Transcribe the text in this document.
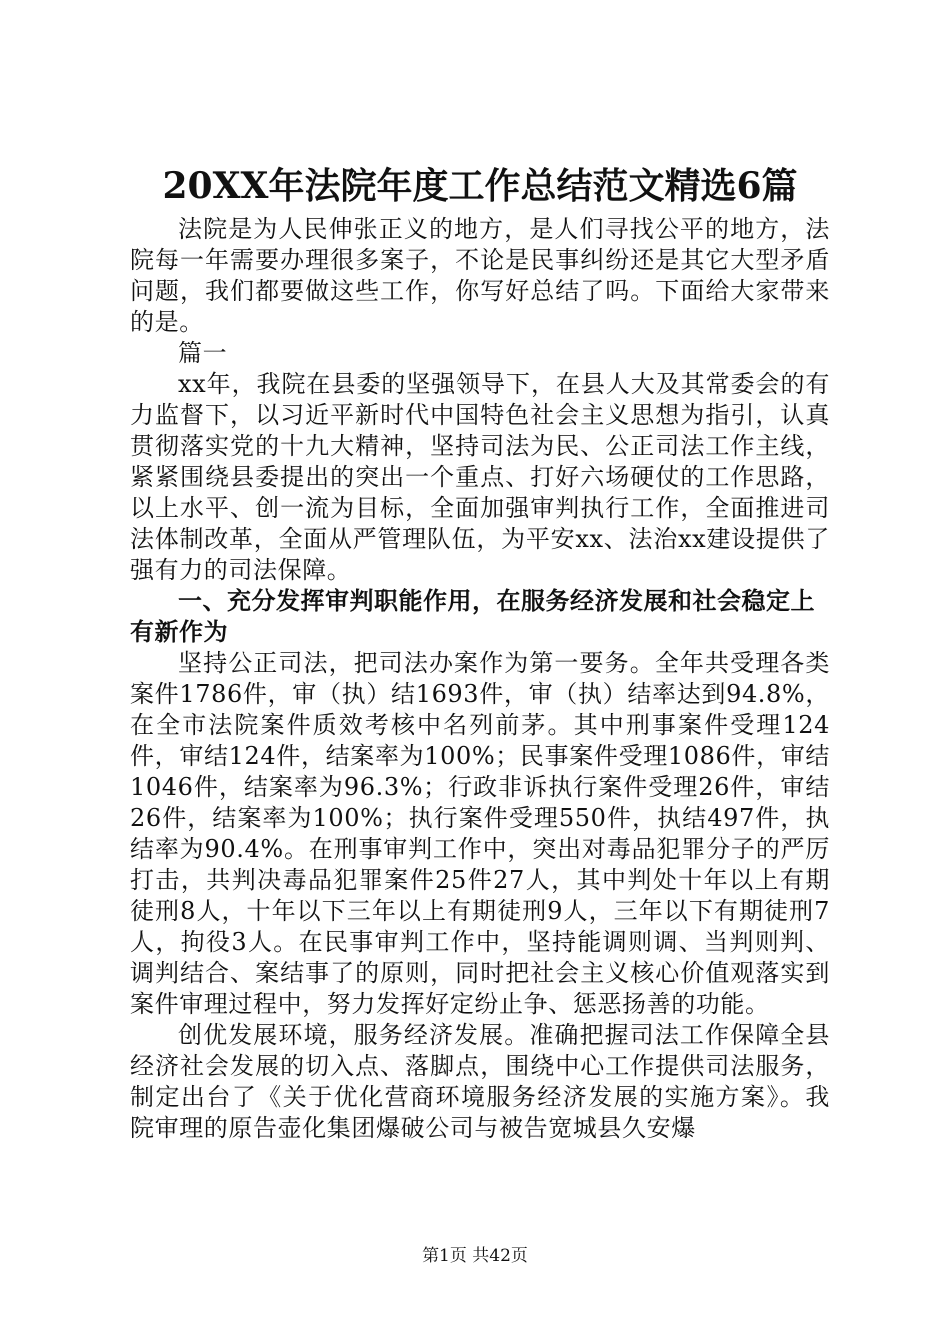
20XX年法院年度工作总结范文精选6篇

法院是为人民伸张正义的地方，是人们寻找公平的地方，法院每一年需要办理很多案子，不论是民事纠纷还是其它大型矛盾问题，我们都要做这些工作，你写好总结了吗。下面给大家带来的是。

篇一

xx年，我院在县委的坚强领导下，在县人大及其常委会的有力监督下，以习近平新时代中国特色社会主义思想为指引，认真贯彻落实党的十九大精神，坚持司法为民、公正司法工作主线，紧紧围绕县委提出的突出一个重点、打好六场硬仗的工作思路，以上水平、创一流为目标，全面加强审判执行工作，全面推进司法体制改革，全面从严管理队伍，为平安xx、法治xx建设提供了强有力的司法保障。

一、充分发挥审判职能作用，在服务经济发展和社会稳定上有新作为

坚持公正司法，把司法办案作为第一要务。全年共受理各类案件1786件，审（执）结1693件，审（执）结率达到94.8%，在全市法院案件质效考核中名列前茅。其中刑事案件受理124件，审结124件，结案率为100%；民事案件受理1086件，审结1046件，结案率为96.3%；行政非诉执行案件受理26件，审结26件，结案率为100%；执行案件受理550件，执结497件，执结率为90.4%。在刑事审判工作中，突出对毒品犯罪分子的严厉打击，共判决毒品犯罪案件25件27人，其中判处十年以上有期徒刑8人，十年以下三年以上有期徒刑9人，三年以下有期徒刑7人，拘役3人。在民事审判工作中，坚持能调则调、当判则判、调判结合、案结事了的原则，同时把社会主义核心价值观落实到案件审理过程中，努力发挥好定纷止争、惩恶扬善的功能。

创优发展环境，服务经济发展。准确把握司法工作保障全县经济社会发展的切入点、落脚点，围绕中心工作提供司法服务，制定出台了《关于优化营商环境服务经济发展的实施方案》。我院审理的原告壶化集团爆破公司与被告宽城县久安爆

第1页 共42页
